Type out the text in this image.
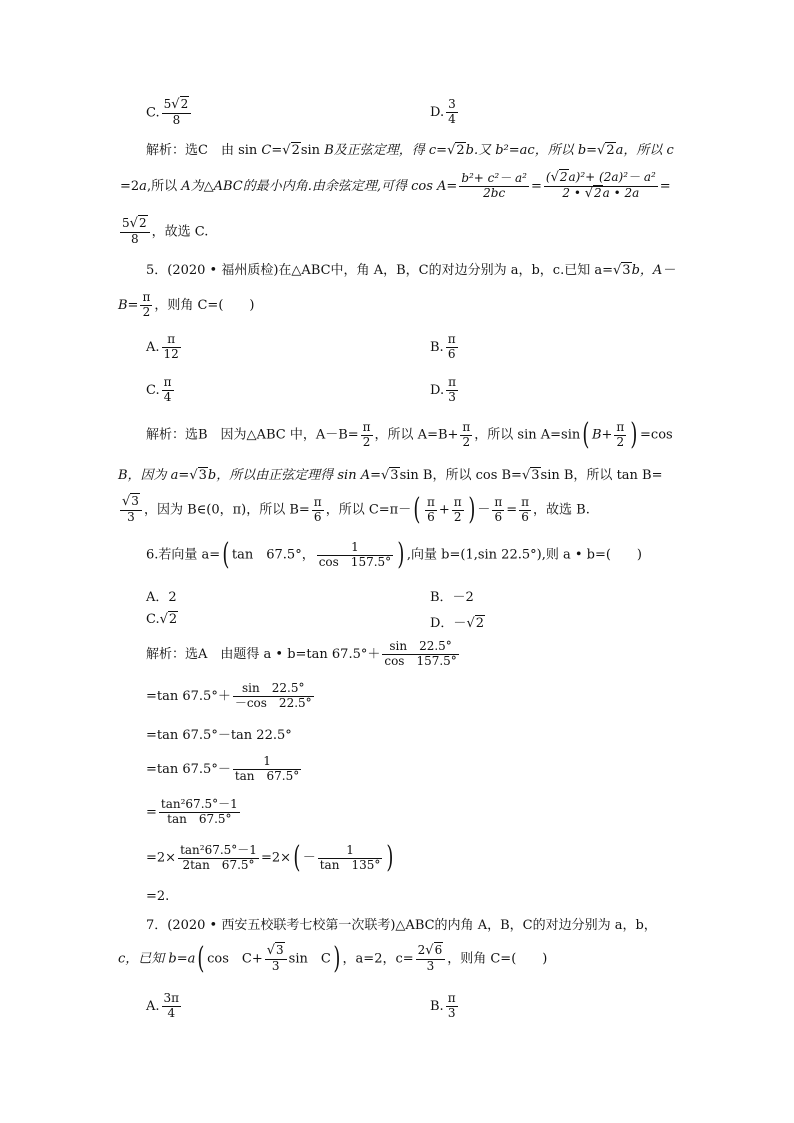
C. $\frac{5√2}{8}$	D. $\frac{3}{4}$
解析：选C　由 sin C=√2sin B及正弦定理，得 c=√2b.又 b²=ac，所以 b=√2a，所以 c
=2a,所以 A为△ABC的最小内角.由余弦定理,可得 $\cos A= \frac{\text{b²+ c²－ a²}}{2bc} = \frac{\text{(√2a)²+ (2a)²－ a²}}{2 • √2a • 2a}$ =
$\frac{5√2}{8}$ ，故选 C.
5．(2020 • 福州质检)在△ABC中，角 A，B，C的对边分别为 a，b，c.已知 a=√3b，A－
$B= \frac{\pi}{2}$ ，则角 C=(　　)
A. $\frac{\pi}{12}$	B. $\frac{\pi}{6}$
C. $\frac{\pi}{4}$	D. $\frac{\pi}{3}$
解析：选B　因为△ABC 中，$A-B= \frac{\pi}{2}$ ，所以 $A=B+ \frac{\pi}{2}$ ，所以 sin A=sin( $B+ \frac{\pi}{2}$ ) =cos
B，因为 a=√3b，所以由正弦定理得 sin A=√3sin B，所以 cos B=√3sin B，所以 tan B=
$\frac{√3}{3}$ ，因为 B∈(0，π)，所以 $B= \frac{\pi}{6}$ ，所以 $C=\pi-( \frac{\pi}{6} + \frac{\pi}{2}$ ) － $\frac{\pi}{6} = \frac{\pi}{6}$ ，故选 B.
6.若向量 a=( tan　67.5°， $\frac{1}{\cos 157.5^\circ}$ ) ,向量 b=(1,sin 22.5°),则 a • b=(　　)
A．2	B．－2
C.√2	D．－√2
解析：选A　由题得 a • b=tan $67.5^\circ+ \frac{\sin 22.5^\circ}{\cos 157.5^\circ}$
=tan $67.5^\circ+ \frac{\sin 22.5^\circ}{-\cos 22.5^\circ}$
=tan 67.5°－tan 22.5°
=tan $67.5^\circ- \frac{1}{\tan 67.5^\circ}$
= $\frac{\text{tan²67.5°－1}}{\tan 67.5^\circ}$
$=2\times \frac{\text{tan²67.5°－1}}{2\tan 67.5^\circ} =2\times( - \frac{1}{\tan 135^\circ}$ )
=2.
7．(2020 • 西安五校联考七校第一次联考)△ABC的内角 A，B，C的对边分别为 a，b，
c，已知 b=a( cos　$C+ \frac{√3}{3}$ sin　C) ，a=2，$c= \frac{2√6}{3}$ ，则角 C=(　　)
A. $\frac{3\pi}{4}$	B. $\frac{\pi}{3}$
